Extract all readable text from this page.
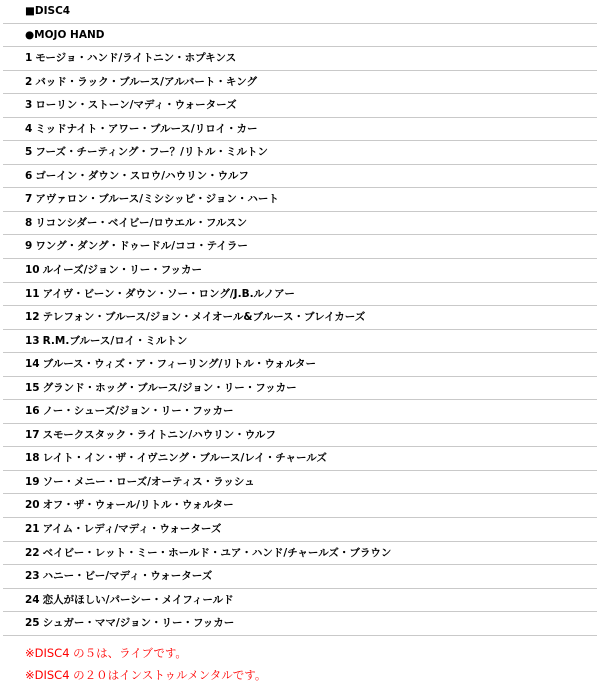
■DISC4
●MOJO HAND
1 モージョ・ハンド/ライトニン・ホプキンス
2 バッド・ラック・ブルース/アルバート・キング
3 ローリン・ストーン/マディ・ウォーターズ
4 ミッドナイト・アワー・ブルース/リロイ・カー
5 フーズ・チーティング・フー？/リトル・ミルトン
6 ゴーイン・ダウン・スロウ/ハウリン・ウルフ
7 アヴァロン・ブルース/ミシシッピ・ジョン・ハート
8 リコンシダー・ベイビー/ロウエル・フルスン
9 ワング・ダング・ドゥードル/ココ・テイラー
10 ルイーズ/ジョン・リー・フッカー
11 アイヴ・ビーン・ダウン・ソー・ロング/J.B.ルノアー
12 テレフォン・ブルース/ジョン・メイオール&ブルース・ブレイカーズ
13 R.M.ブルース/ロイ・ミルトン
14 ブルース・ウィズ・ア・フィーリング/リトル・ウォルター
15 グランド・ホッグ・ブルース/ジョン・リー・フッカー
16 ノー・シューズ/ジョン・リー・フッカー
17 スモークスタック・ライトニン/ハウリン・ウルフ
18 レイト・イン・ザ・イヴニング・ブルース/レイ・チャールズ
19 ソー・メニー・ローズ/オーティス・ラッシュ
20 オフ・ザ・ウォール/リトル・ウォルター
21 アイム・レディ/マディ・ウォーターズ
22 ベイビー・レット・ミー・ホールド・ユア・ハンド/チャールズ・ブラウン
23 ハニー・ビー/マディ・ウォーターズ
24 恋人がほしい/パーシー・メイフィールド
25 シュガー・ママ/ジョン・リー・フッカー
※DISC4 の５は、ライブです。
※DISC4 の２０はインストゥルメンタルです。
